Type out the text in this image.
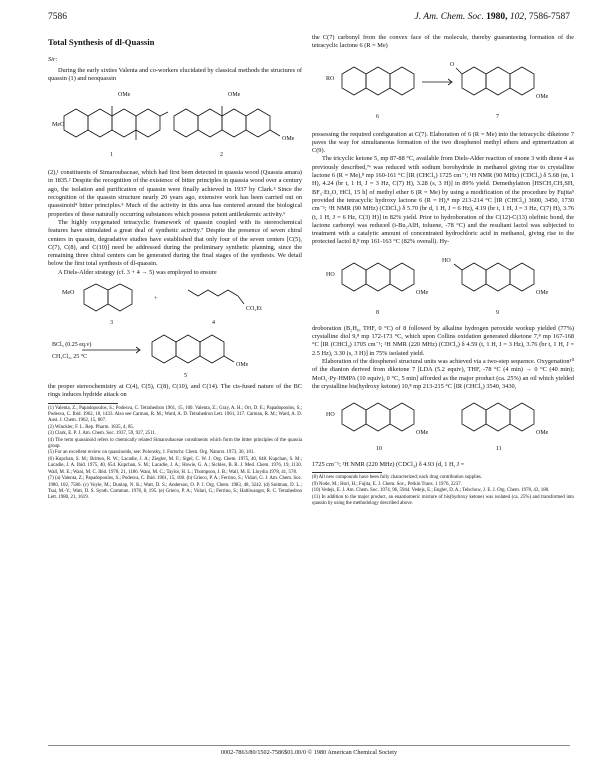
7586	J. Am. Chem. Soc. 1980, 102, 7586-7587
Total Synthesis of dl-Quassin
Sir:

During the early sixties Valenta and co-workers elucidated by classical methods the structures of quassin (1) and neoquassin

OMe
MeO
OMe
OMe
1	2

(2),¹ constituents of Simaroubaceae, which had first been detected in quassia wood (Quassia amara) in 1835.² Despite the recognition of the existence of bitter principles in quassia wood over a century ago, the isolation and purification of quassin were finally achieved in 1937 by Clark.³ Since the recognition of the quassin structure nearly 20 years ago, extensive work has been carried out on quassinoid⁴ bitter principles.⁵ Much of the activity in this area has centered around the biological properties of these naturally occurring substances which possess potent antileukemic activity.⁶

The highly oxygenated tetracyclic framework of quassin coupled with its stereochemical features have stimulated a great deal of synthetic activity.⁷ Despite the presence of seven chiral centers in quassin, degradative studies have established that only four of the seven centers [C(5), C(7), C(8), and C(10)] need be addressed during the preliminary synthetic planning, since the remaining three chiral centers can be generated during the final stages of the synthesis. We detail below the first total synthesis of dl-quassin.

A Diels-Alder strategy (cf. 3 + 4 → 5) was employed to ensure

MeO
+
CO₂Et
3	4
BCl₃ (0.25 eq.v)
CH₂Cl₂, 25 °C
OMe
5

the proper stereochemistry at C(4), C(5), C(8), C(10), and C(14). The cis-fused nature of the BC rings induces hydride attack on

(1) Valenta, Z.; Papadopoulos, S.; Podesva, C. Tetrahedron 1961, 15, 100. Valenta, Z.; Gray, A. H.; Orr, D. E.; Papadopoulos, S.; Podesva, C. Ibid. 1962, 18, 1433. Also see Carman, R. M.; Ward, A. D. Tetrahedron Lett. 1961, 317. Carman, R. M.; Ward, A. D. Aust. J. Chem. 1962, 15, 807.
(2) Winckler, F. L. Rep. Pharm. 1835, 4, 85.
(3) Clark, E. P. J. Am. Chem. Soc. 1937, 59, 927, 2511.
(4) The term quassinoid refers to chemically related Simaroubaceae constituents which form the bitter principles of the quassia group.
(5) For an excellent review on quassinoids, see: Polonsky, J. Fortschr. Chem. Org. Naturst. 1973, 30, 101.
(6) Kupchan, S. M.; Britton, R. W.; Lacadie, J. A.; Ziegler, M. F.; Sigel, C. W. J. Org. Chem. 1975, 40, 648. Kupchan, S. M.; Lacadie, J. A. Ibid. 1975, 40, 654. Kupchan, S. M.; Lacadie, J. A.; Howie, G. A.; Sickles, B. R. J. Med. Chem. 1976, 19, 1130. Wall, M. E.; Wani, M. C. Ibid. 1978, 21, 1186. Wani, M. C.; Taylor, H. L.; Thompson, J. B.; Wall, M. E. Lloydia 1978, 41, 578.
(7) (a) Valenta, Z.; Papadopoulos, S.; Podesva, C. Ibid. 1961, 15, 100. (b) Grieco, P. A.; Ferrino, S.; Vidari, G. J. Am. Chem. Soc. 1980, 102, 7586. (c) Voyle, M.; Dunlap, N. K.; Watt, D. S.; Anderson, O. P. J. Org. Chem. 1983, 48, 3242. (d) Snitman, D. L.; Tsai, M.-Y.; Watt, D. S. Synth. Commun. 1978, 8, 195. (e) Grieco, P. A.; Vidari, G.; Ferrino, S.; Haltiwanger, R. C. Tetrahedron Lett. 1980, 21, 1619.

the C(7) carbonyl from the convex face of the molecule, thereby guaranteeing formation of the tetracyclic lactone 6 (R = Me)

RO
O
OMe
6	7

possessing the required configuration at C(7). Elaboration of 6 (R = Me) into the tetracyclic diketone 7 paves the way for simultaneous formation of the two diosphenol methyl ethers and epimerization at C(9).

The tricyclic ketone 5, mp 87-88 °C, available from Diels-Alder reaction of enone 3 with diene 4 as previously described,⁷ᵉ was reduced with sodium borohydride in methanol giving rise to crystalline lactone 6 (R = Me),⁸ mp 160-161 °C [IR (CHCl₃) 1725 cm⁻¹; ¹H NMR (90 MHz) (CDCl₃) δ 5.68 (m, 1 H), 4.24 (br t, 1 H, J = 3 Hz, C(7) H), 3.28 (s, 3 H)] in 89% yield. Demethylation [HSCH₂CH₂SH, BF₃·Et₂O, HCl, 15 h] of methyl ether 6 (R = Me) by using a modification of the procedure by Fujita⁹ provided the tetracyclic hydroxy lactone 6 (R = H),⁸ mp 213-214 °C [IR (CHCl₃) 3600, 3450, 1730 cm⁻¹; ¹H NMR (90 MHz) (CDCl₃) δ 5.70 (br d, 1 H, J = 6 Hz), 4.19 (br t, 1 H, J = 3 Hz, C(7) H), 3.76 (t, 1 H, J = 6 Hz, C(3) H)] in 82% yield. Prior to hydroboration of the C(12)-C(13) olefinic bond, the lactone carbonyl was reduced (i-Bu₂AlH, toluene, -78 °C) and the resultant lactol was subjected to treatment with a catalytic amount of concentrated hydrochloric acid in methanol, giving rise to the protected lactol 8,⁸ mp 161-163 °C (82% overall). Hy-

HO
OMe
HO
OMe
8	9

droboration (B₂H₆, THF, 0 °C) of 8 followed by alkaline hydrogen peroxide workup yielded (77%) crystalline diol 9,⁸ mp 172-173 °C, which upon Collins oxidation generated diketone 7,⁸ mp 167-168 °C [IR (CHCl₃) 1705 cm⁻¹; ¹H NMR (220 MHz) (CDCl₃) δ 4.59 (t, 1 H, J = 3 Hz), 3.76 (br t, 1 H, J = 2.5 Hz), 3.30 (s, 3 H)] in 75% isolated yield.

Elaboration of the diosphenol structural units was achieved via a two-step sequence. Oxygenation¹⁰ of the dianion derived from diketone 7 [LDA (5.2 equiv), THF, -78 °C (4 min) → 0 °C (40 min); MoO₅·Py·HMPA (10 equiv), 0 °C, 5 min] afforded as the major product (ca. 25%) an oil which yielded the crystalline bis(hydroxy ketone) 10,⁸ mp 213-215 °C [IR (CHCl₃) 3540, 3430,

HO
OMe	OMe
10	11

1725 cm⁻¹; ¹H NMR (220 MHz) (CDCl₃) δ 4.93 (d, 1 H, J =

(8) All new compounds have been fully characterized; each drug contribution supplies.
(9) Node, M.; Hori, H.; Fujita, E. J. Chem. Soc., Perkin Trans. 1 1976, 2237.
(10) Vedejs, E. J. Am. Chem. Soc. 1974, 96, 5944. Vedejs, E.; Engler, D. A.; Telschow, J. E. J. Org. Chem. 1978, 43, 188.
(11) In addition to the major product, an enantiomeric mixture of bis(hydroxy ketone) was isolated (ca. 25%) and transformed into quassin by using the methodology described above.
0002-7863/80/1502-7586$01.00/0 © 1980 American Chemical Society
